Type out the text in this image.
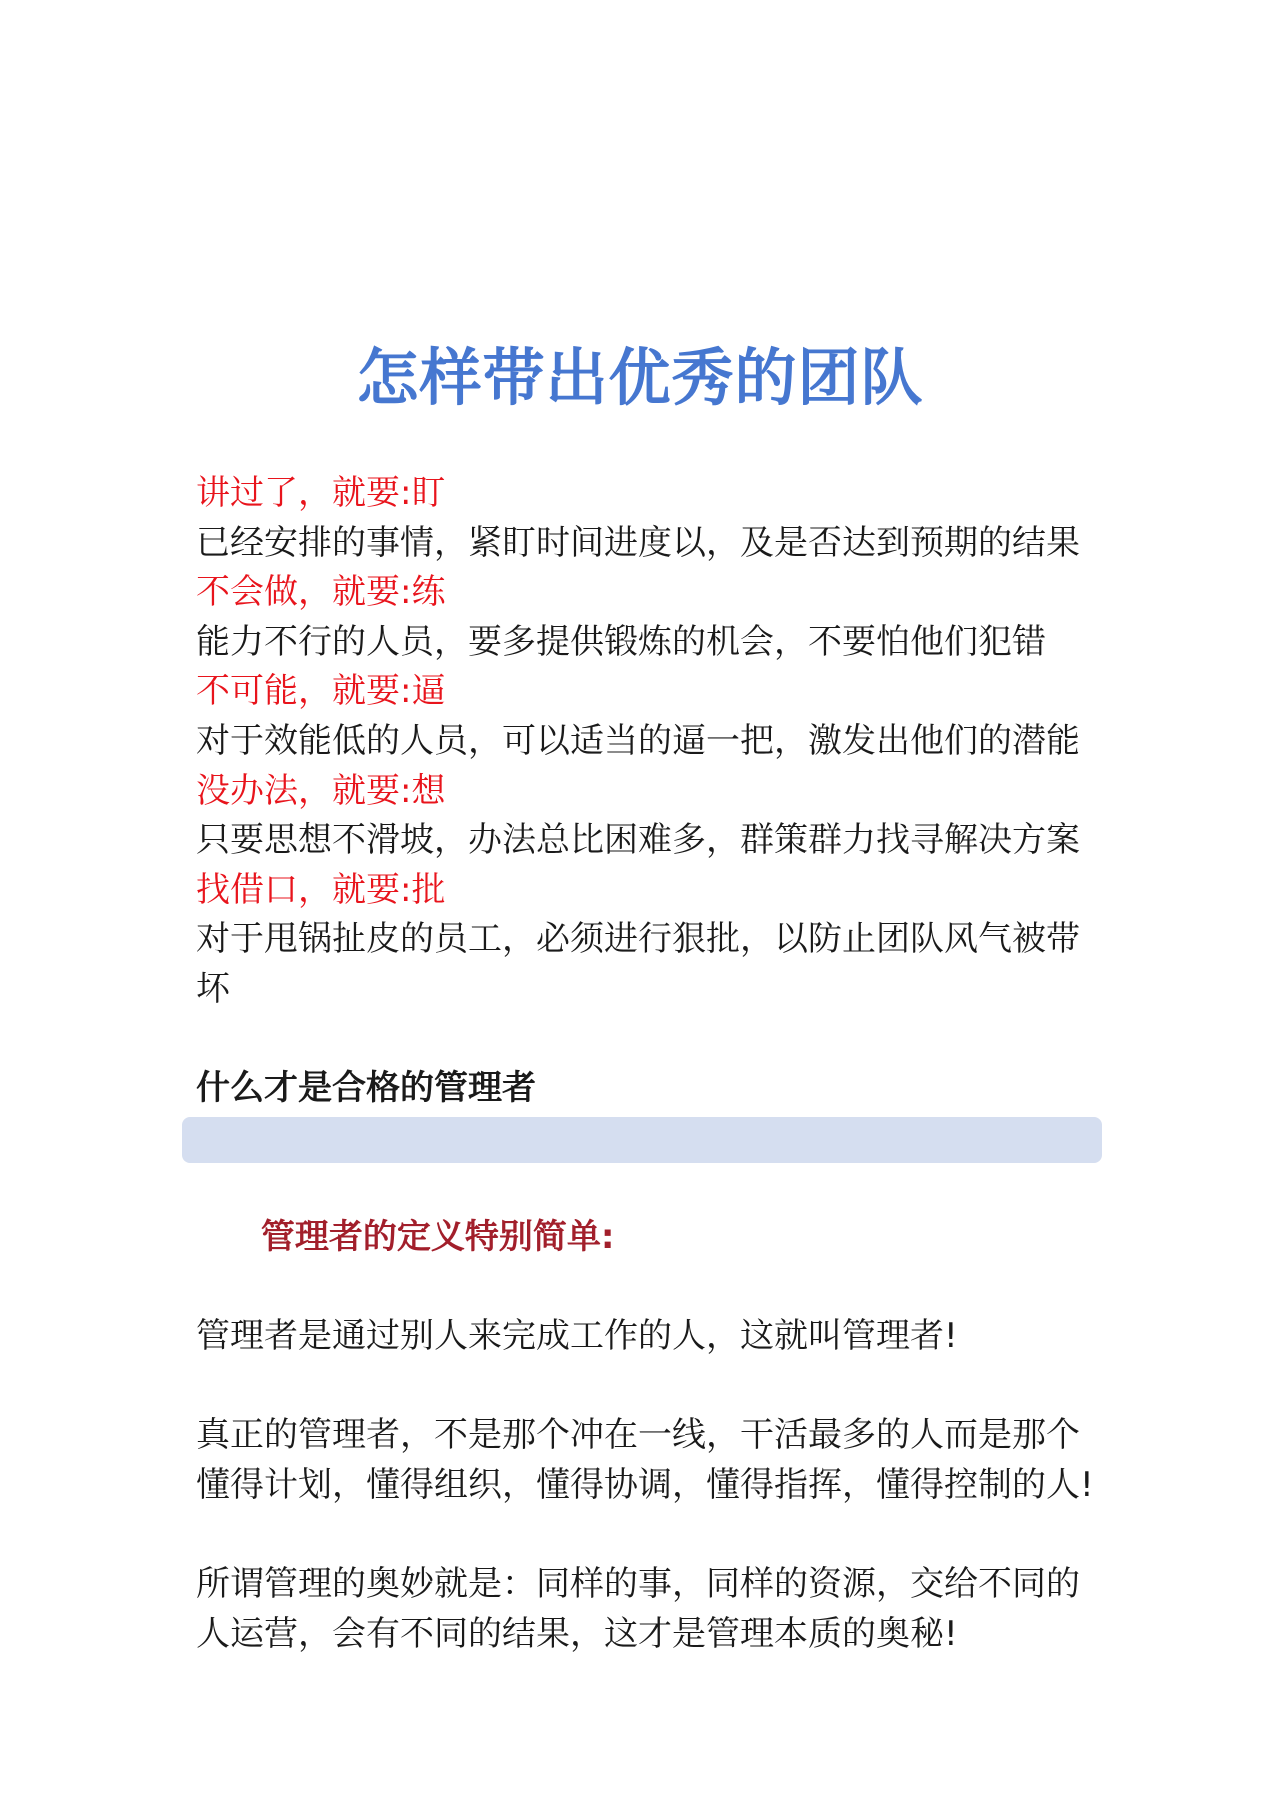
怎样带出优秀的团队

讲过了，就要:盯

已经安排的事情，紧盯时间进度以，及是否达到预期的结果

不会做，就要:练

能力不行的人员，要多提供锻炼的机会，不要怕他们犯错

不可能，就要:逼

对于效能低的人员，可以适当的逼一把，激发出他们的潜能

没办法，就要:想

只要思想不滑坡，办法总比困难多，群策群力找寻解决方案

找借口，就要:批

对于甩锅扯皮的员工，必须进行狠批，以防止团队风气被带

坏

什么才是合格的管理者

管理者的定义特别简单:

管理者是通过别人来完成工作的人，这就叫管理者!

真正的管理者，不是那个冲在一线，干活最多的人而是那个

懂得计划，懂得组织，懂得协调，懂得指挥，懂得控制的人!

所谓管理的奥妙就是：同样的事，同样的资源，交给不同的

人运营，会有不同的结果，这才是管理本质的奥秘!
